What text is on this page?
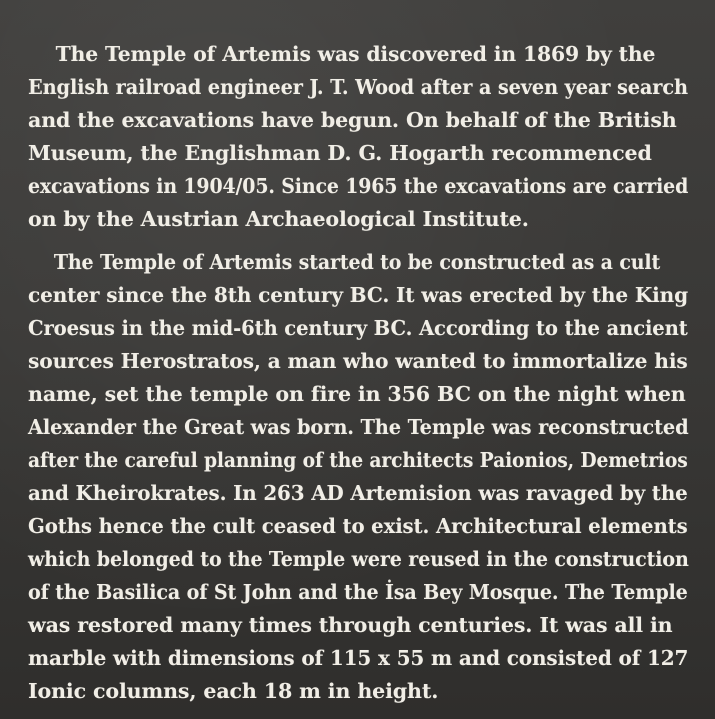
The Temple of Artemis was discovered in 1869 by the
English railroad engineer J. T. Wood after a seven year search
and the excavations have begun. On behalf of the British
Museum, the Englishman D. G. Hogarth recommenced
excavations in 1904/05. Since 1965 the excavations are carried
on by the Austrian Archaeological Institute.
The Temple of Artemis started to be constructed as a cult
center since the 8th century BC. It was erected by the King
Croesus in the mid-6th century BC. According to the ancient
sources Herostratos, a man who wanted to immortalize his
name, set the temple on fire in 356 BC on the night when
Alexander the Great was born. The Temple was reconstructed
after the careful planning of the architects Paionios, Demetrios
and Kheirokrates. In 263 AD Artemision was ravaged by the
Goths hence the cult ceased to exist. Architectural elements
which belonged to the Temple were reused in the construction
of the Basilica of St John and the İsa Bey Mosque. The Temple
was restored many times through centuries. It was all in
marble with dimensions of 115 x 55 m and consisted of 127
Ionic columns, each 18 m in height.
